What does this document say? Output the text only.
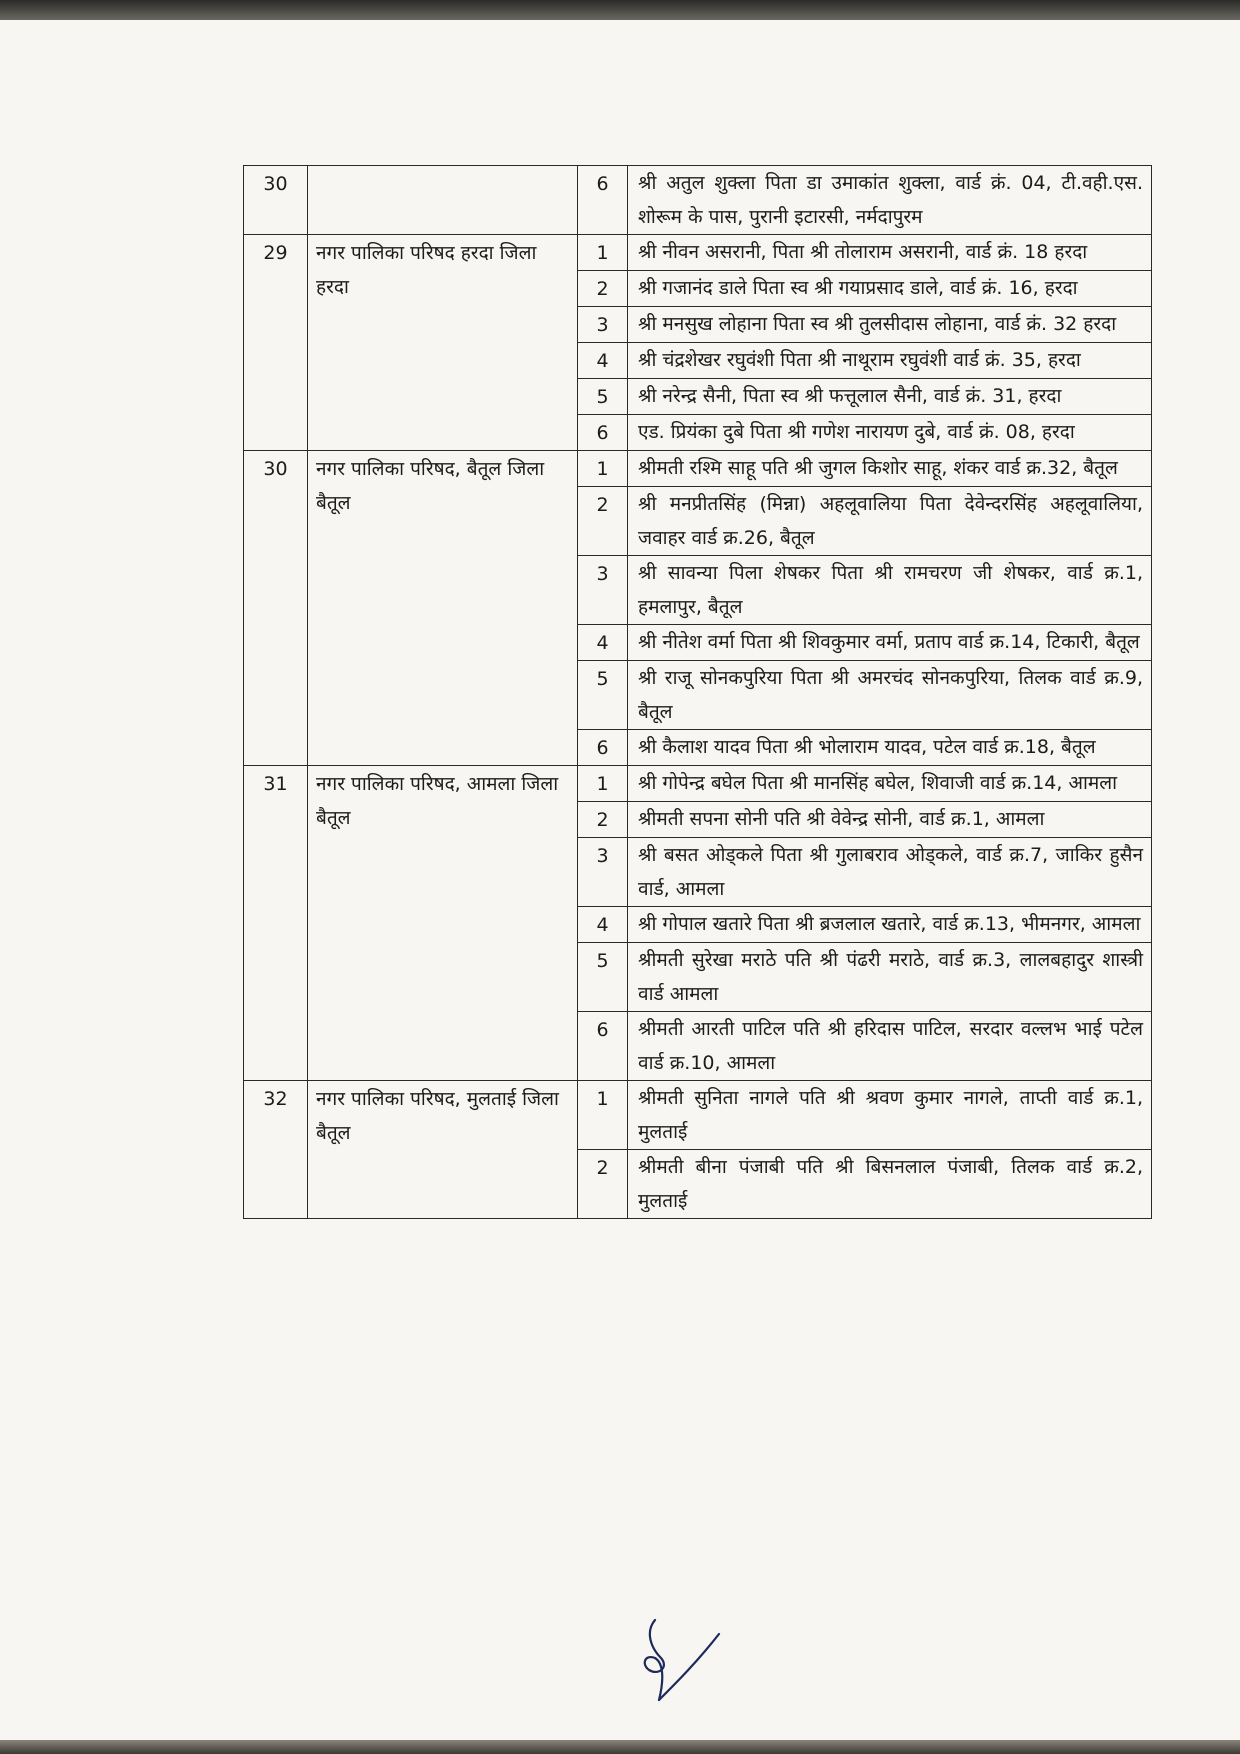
30		6	श्री अतुल शुक्ला पिता डा उमाकांत शुक्ला, वार्ड क्रं. 04, टी.वही.एस. शोरूम के पास, पुरानी इटारसी, नर्मदापुरम
29	नगर पालिका परिषद हरदा जिला हरदा	1	श्री नीवन असरानी, पिता श्री तोलाराम असरानी, वार्ड क्रं. 18 हरदा
		2	श्री गजानंद डाले पिता स्व श्री गयाप्रसाद डाले, वार्ड क्रं. 16, हरदा
		3	श्री मनसुख लोहाना पिता स्व श्री तुलसीदास लोहाना, वार्ड क्रं. 32 हरदा
		4	श्री चंद्रशेखर रघुवंशी पिता श्री नाथूराम रघुवंशी वार्ड क्रं. 35, हरदा
		5	श्री नरेन्द्र सैनी, पिता स्व श्री फत्तूलाल सैनी, वार्ड क्रं. 31, हरदा
		6	एड. प्रियंका दुबे पिता श्री गणेश नारायण दुबे, वार्ड क्रं. 08, हरदा
30	नगर पालिका परिषद, बैतूल जिला बैतूल	1	श्रीमती रश्मि साहू पति श्री जुगल किशोर साहू, शंकर वार्ड क्र.32, बैतूल
		2	श्री मनप्रीतसिंह (मिन्ना) अहलूवालिया पिता देवेन्दरसिंह अहलूवालिया, जवाहर वार्ड क्र.26, बैतूल
		3	श्री सावन्या पिला शेषकर पिता श्री रामचरण जी शेषकर, वार्ड क्र.1, हमलापुर, बैतूल
		4	श्री नीतेश वर्मा पिता श्री शिवकुमार वर्मा, प्रताप वार्ड क्र.14, टिकारी, बैतूल
		5	श्री राजू सोनकपुरिया पिता श्री अमरचंद सोनकपुरिया, तिलक वार्ड क्र.9, बैतूल
		6	श्री कैलाश यादव पिता श्री भोलाराम यादव, पटेल वार्ड क्र.18, बैतूल
31	नगर पालिका परिषद, आमला जिला बैतूल	1	श्री गोपेन्द्र बघेल पिता श्री मानसिंह बघेल, शिवाजी वार्ड क्र.14, आमला
		2	श्रीमती सपना सोनी पति श्री वेवेन्द्र सोनी, वार्ड क्र.1, आमला
		3	श्री बसत ओड्कले पिता श्री गुलाबराव ओड्कले, वार्ड क्र.7, जाकिर हुसैन वार्ड, आमला
		4	श्री गोपाल खतारे पिता श्री ब्रजलाल खतारे, वार्ड क्र.13, भीमनगर, आमला
		5	श्रीमती सुरेखा मराठे पति श्री पंढरी मराठे, वार्ड क्र.3, लालबहादुर शास्त्री वार्ड आमला
		6	श्रीमती आरती पाटिल पति श्री हरिदास पाटिल, सरदार वल्लभ भाई पटेल वार्ड क्र.10, आमला
32	नगर पालिका परिषद, मुलताई जिला बैतूल	1	श्रीमती सुनिता नागले पति श्री श्रवण कुमार नागले, ताप्ती वार्ड क्र.1, मुलताई
		2	श्रीमती बीना पंजाबी पति श्री बिसनलाल पंजाबी, तिलक वार्ड क्र.2, मुलताई
